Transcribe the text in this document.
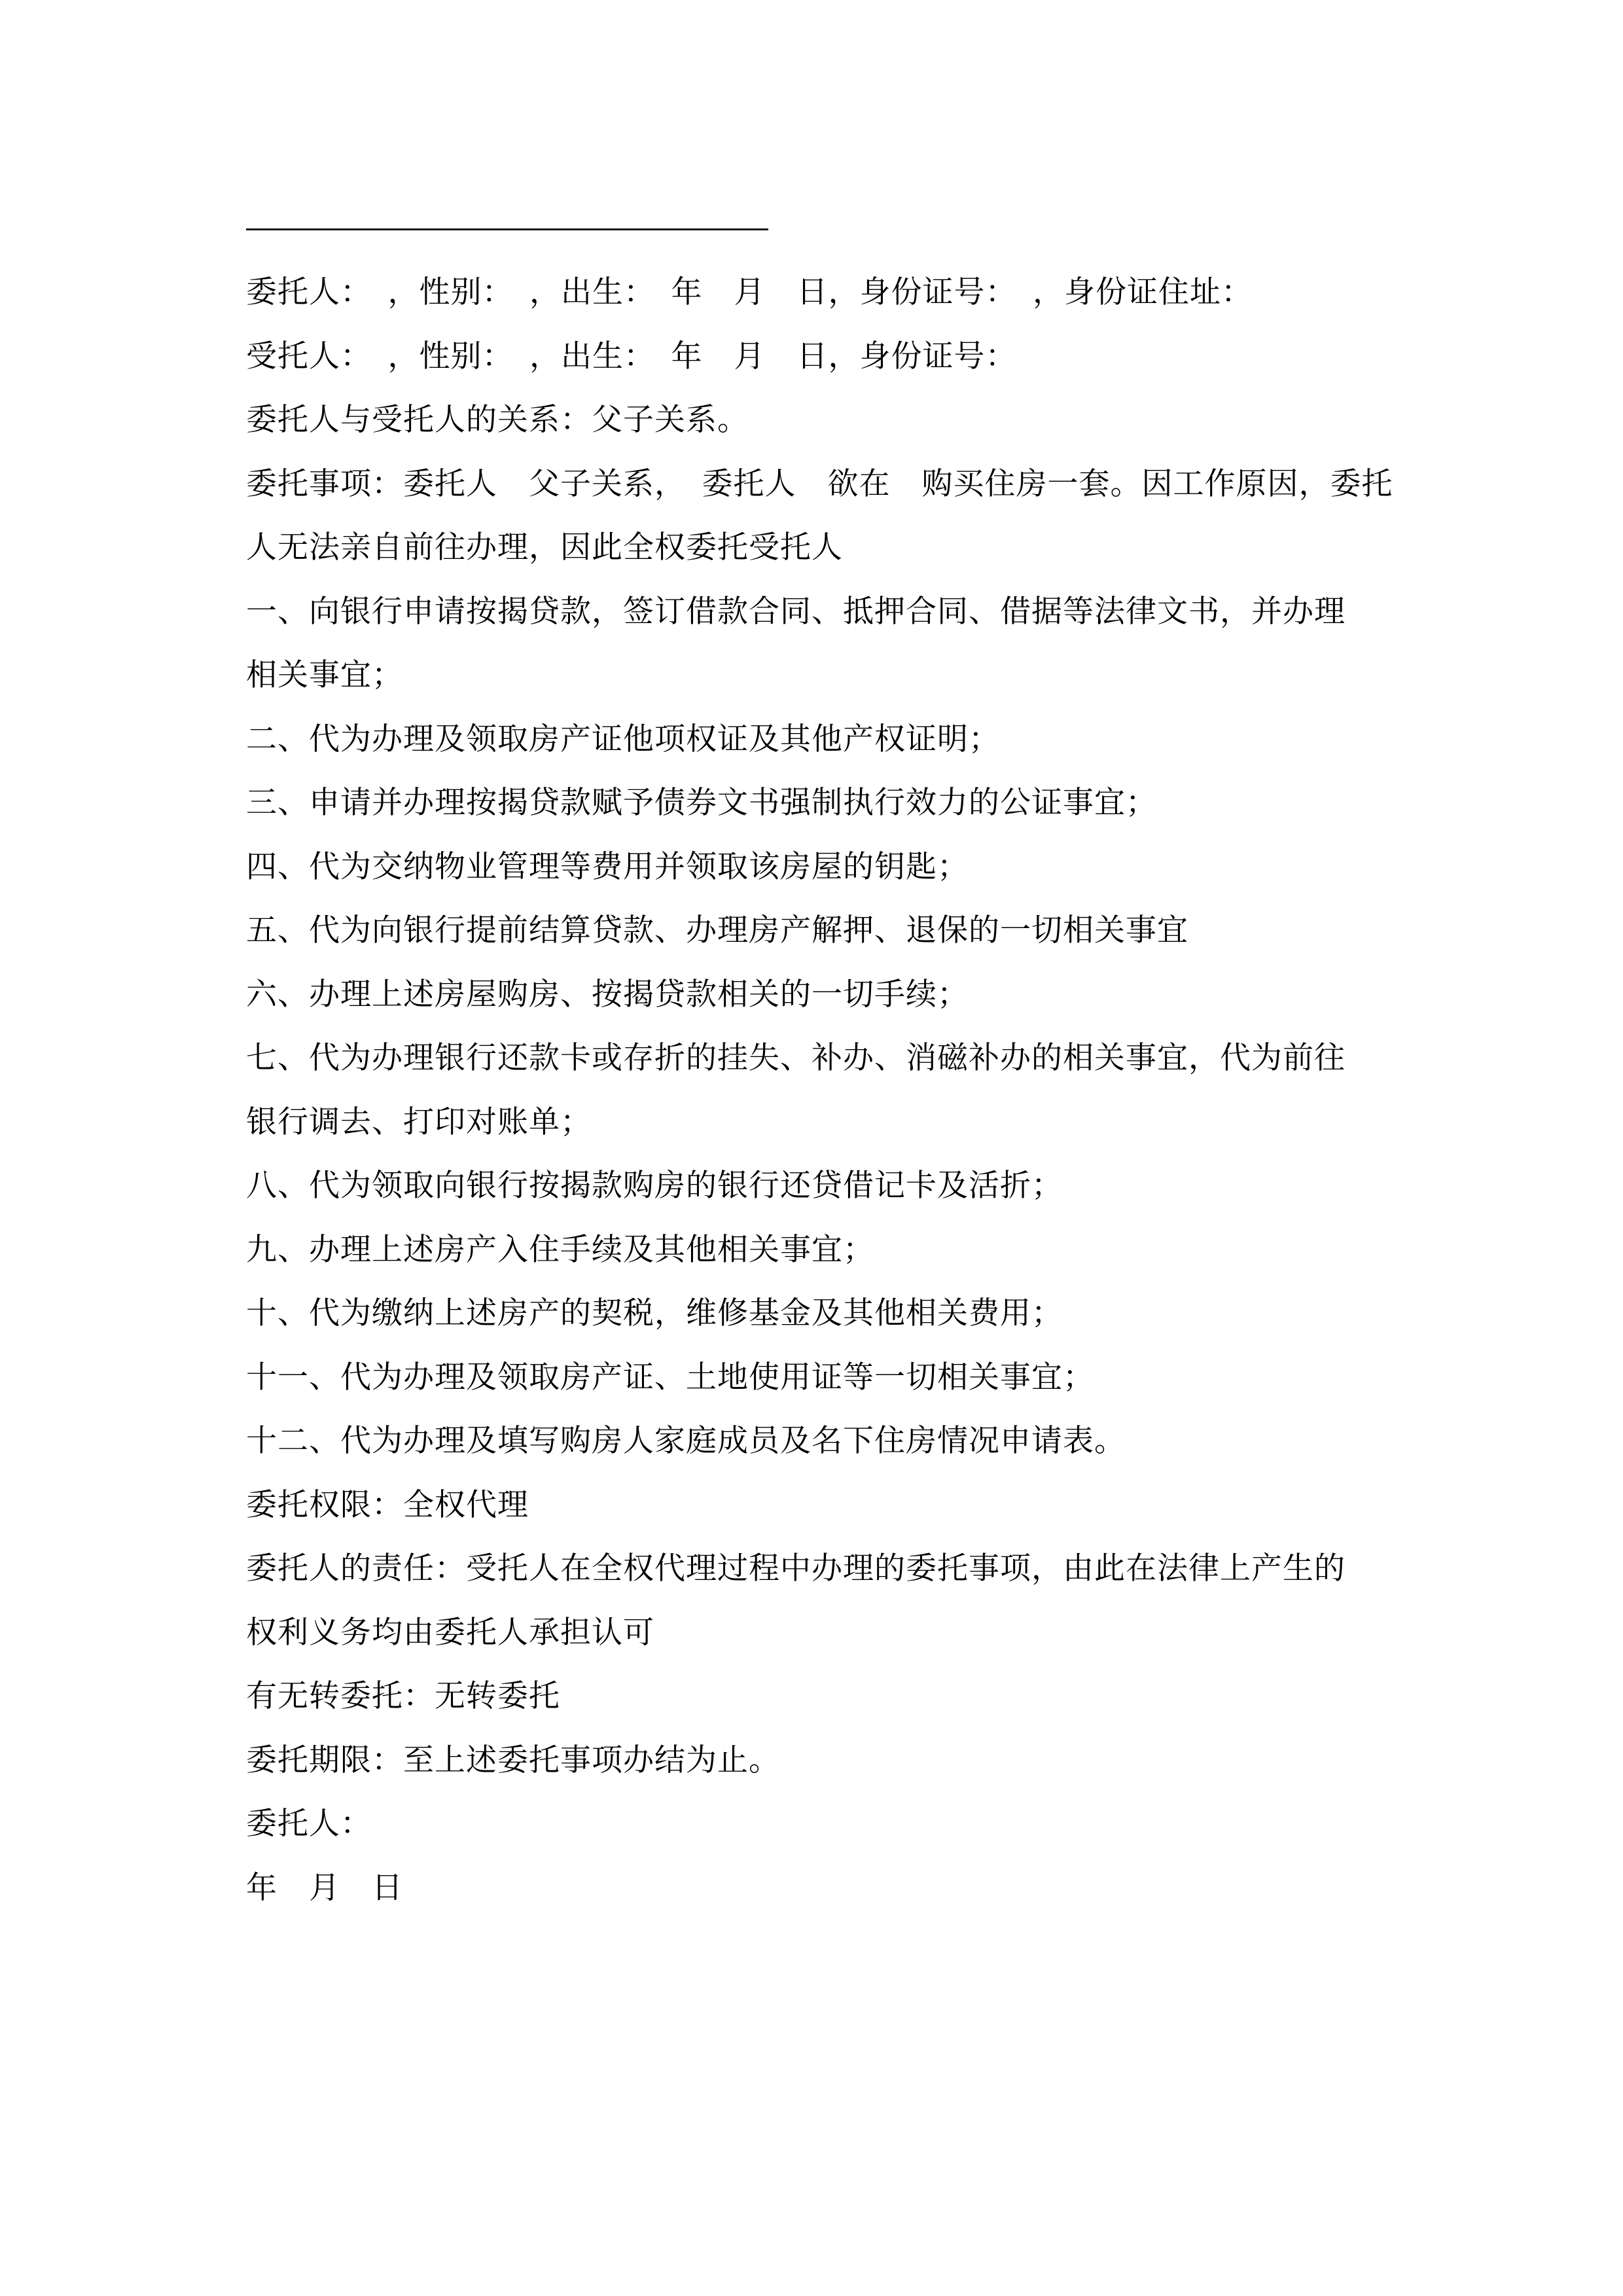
委托人：　，性别：　，出生：　年　月　日，身份证号：　，身份证住址：
受托人：　，性别：　，出生：　年　月　日，身份证号：
委托人与受托人的关系：父子关系。
委托事项：委托人　父子关系，　委托人　欲在　购买住房一套。因工作原因，委托
人无法亲自前往办理，因此全权委托受托人
一、向银行申请按揭贷款，签订借款合同、抵押合同、借据等法律文书，并办理
相关事宜；
二、代为办理及领取房产证他项权证及其他产权证明；
三、申请并办理按揭贷款赋予债券文书强制执行效力的公证事宜；
四、代为交纳物业管理等费用并领取该房屋的钥匙；
五、代为向银行提前结算贷款、办理房产解押、退保的一切相关事宜
六、办理上述房屋购房、按揭贷款相关的一切手续；
七、代为办理银行还款卡或存折的挂失、补办、消磁补办的相关事宜，代为前往
银行调去、打印对账单；
八、代为领取向银行按揭款购房的银行还贷借记卡及活折；
九、办理上述房产入住手续及其他相关事宜；
十、代为缴纳上述房产的契税，维修基金及其他相关费用；
十一、代为办理及领取房产证、土地使用证等一切相关事宜；
十二、代为办理及填写购房人家庭成员及名下住房情况申请表。
委托权限：全权代理
委托人的责任：受托人在全权代理过程中办理的委托事项，由此在法律上产生的
权利义务均由委托人承担认可
有无转委托：无转委托
委托期限：至上述委托事项办结为止。
委托人：
年　月　日
